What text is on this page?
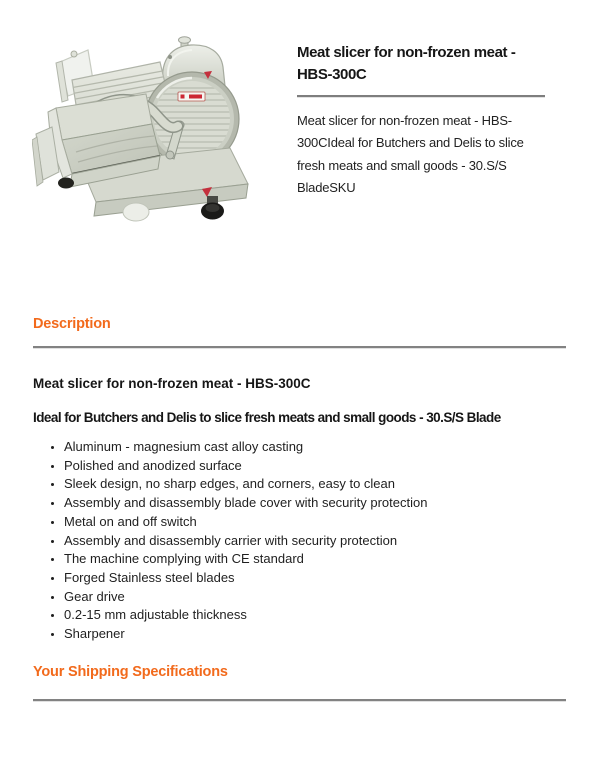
Meat slicer for non-frozen meat -
HBS-300C
Meat slicer for non-frozen meat - HBS-
300CIdeal for Butchers and Delis to slice
fresh meats and small goods - 30.S/S
BladeSKU
Description
Meat slicer for non-frozen meat - HBS-300C
Ideal for Butchers and Delis to slice fresh meats and small goods - 30.S/S Blade
• Aluminum - magnesium cast alloy casting
• Polished and anodized surface
• Sleek design, no sharp edges, and corners, easy to clean
• Assembly and disassembly blade cover with security protection
• Metal on and off switch
• Assembly and disassembly carrier with security protection
• The machine complying with CE standard
• Forged Stainless steel blades
• Gear drive
• 0.2-15 mm adjustable thickness
• Sharpener
Your Shipping Specifications
